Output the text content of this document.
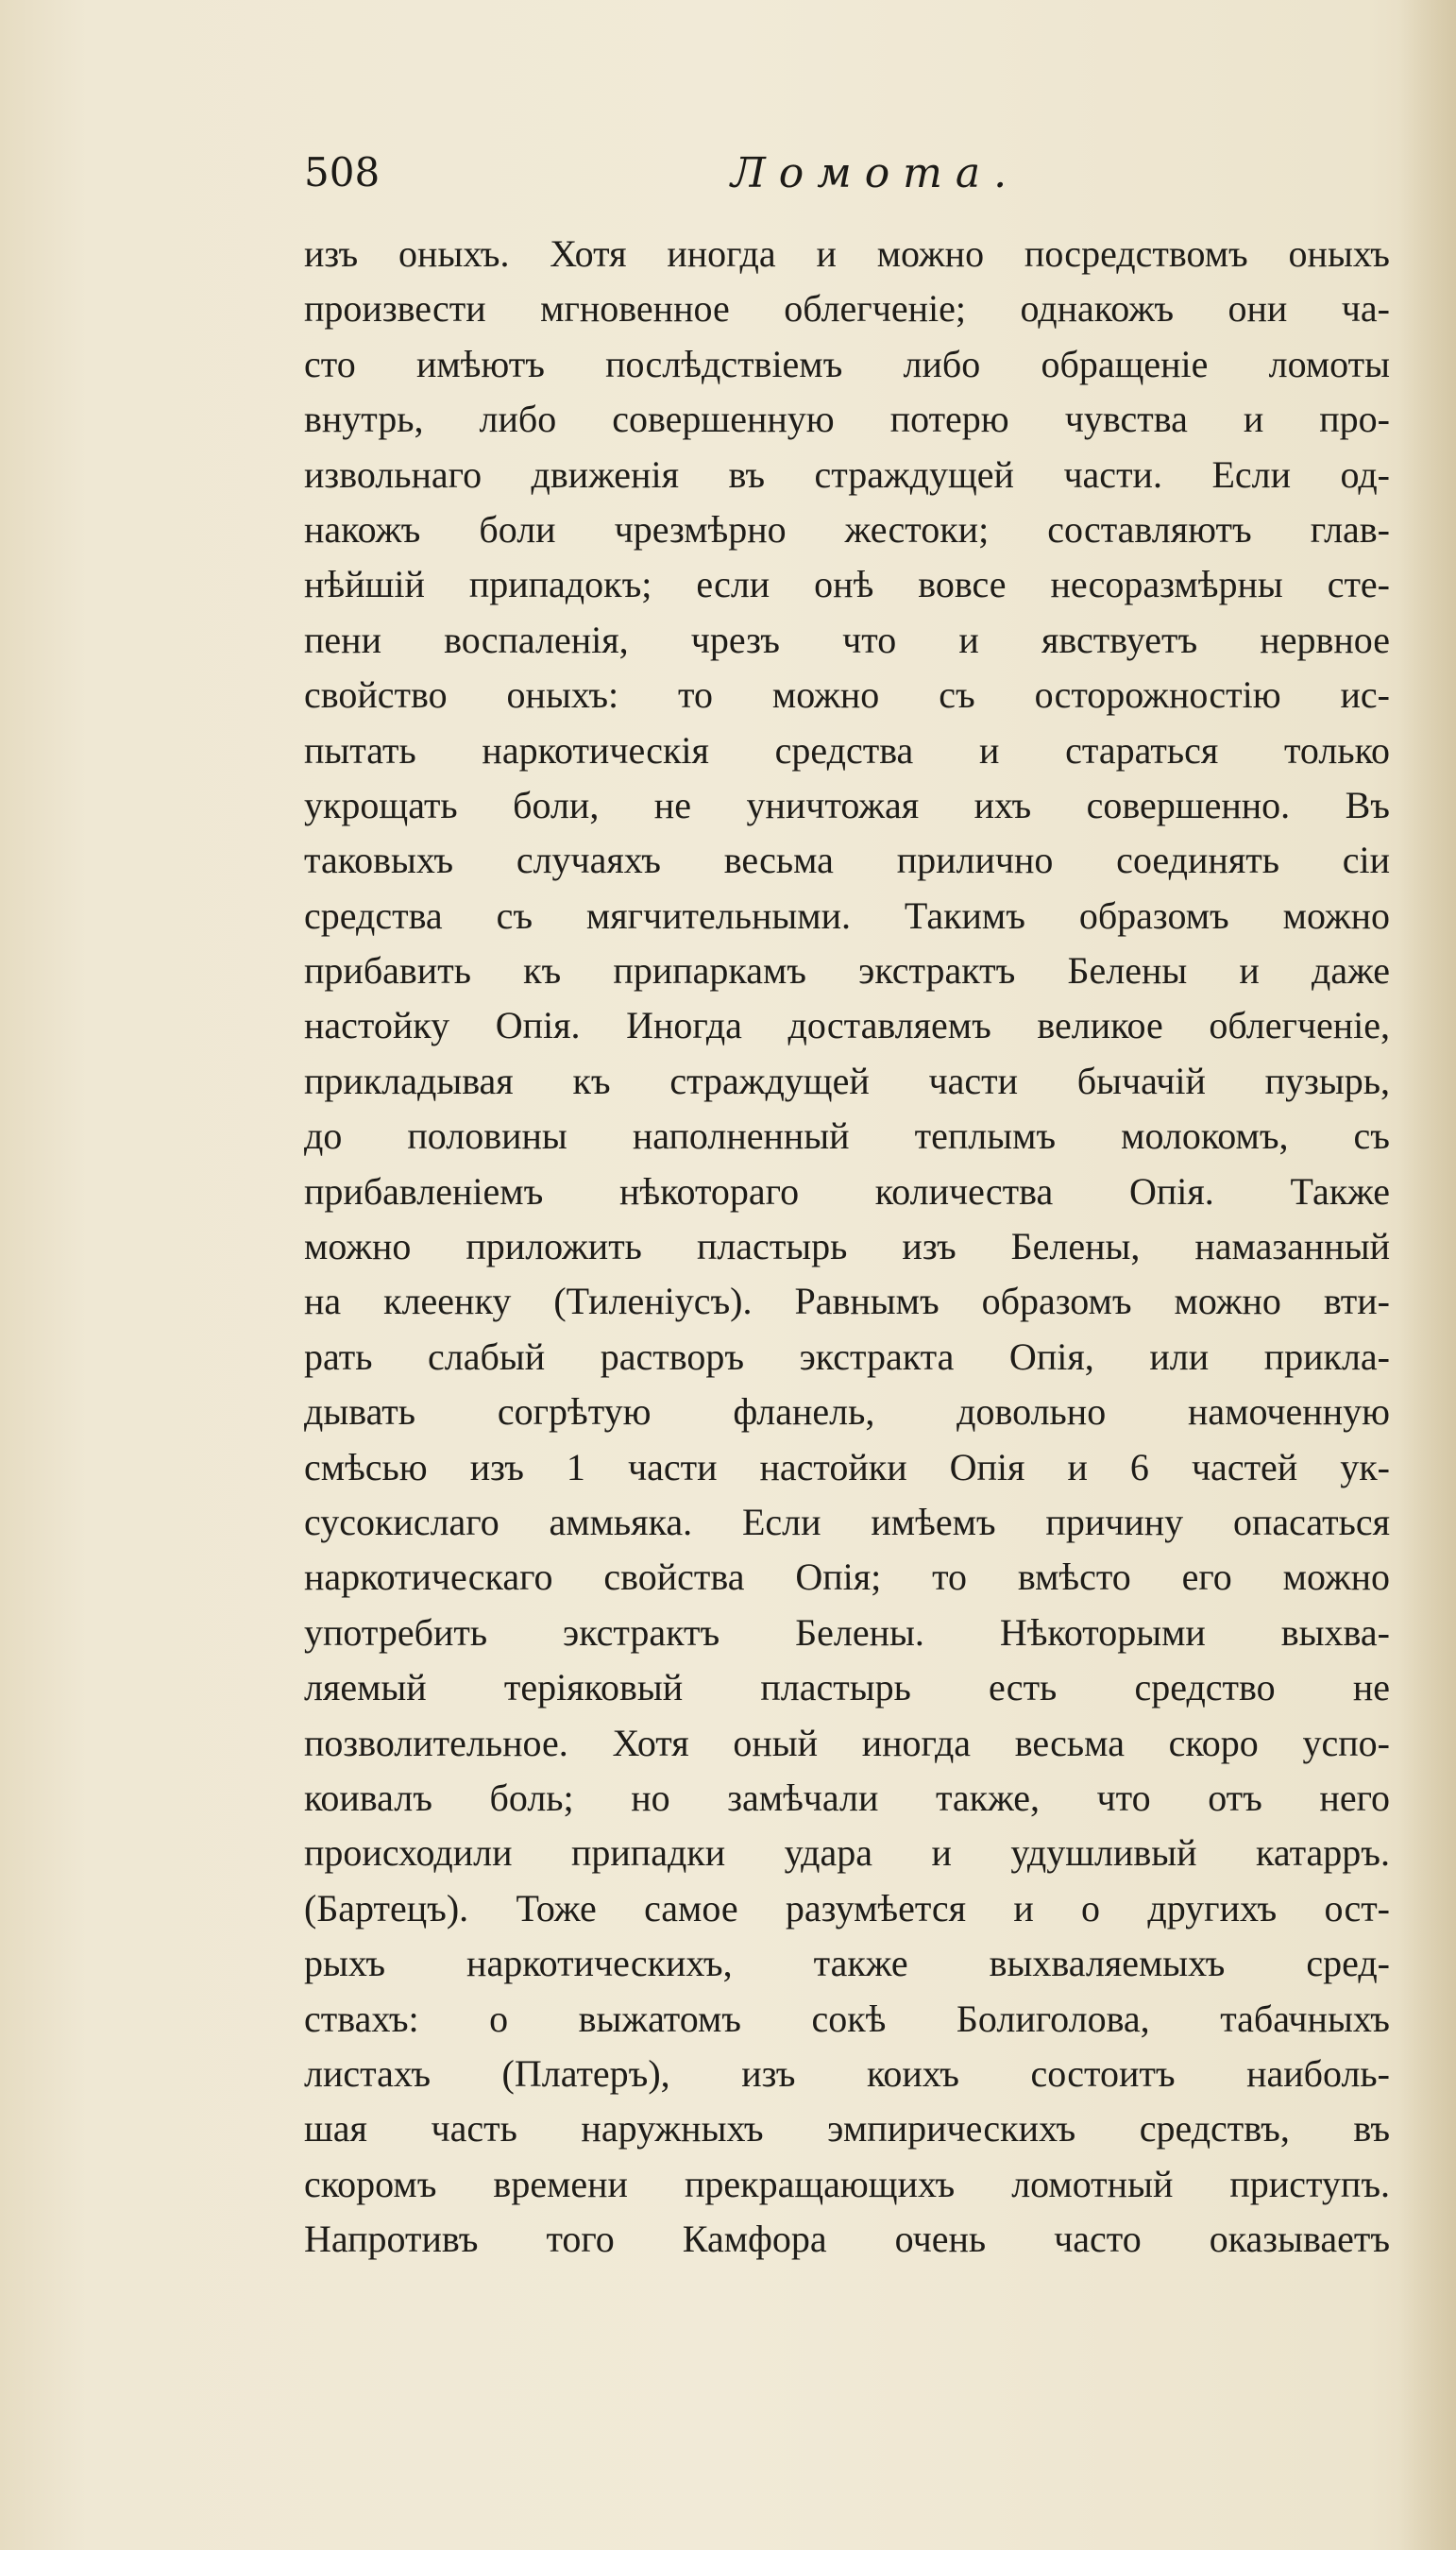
508	Ломота.
изъ оныхъ. Хотя иногда и можно посредствомъ оныхъ
произвести мгновенное облегченіе; однакожъ они ча-
сто имѣютъ послѣдствіемъ либо обращеніе ломоты
внутрь, либо совершенную потерю чувства и про-
извольнаго движенія въ страждущей части. Если од-
накожъ боли чрезмѣрно жестоки; составляютъ глав-
нѣйшій припадокъ; если онѣ вовсе несоразмѣрны сте-
пени воспаленія, чрезъ что и явствуетъ нервное
свойство оныхъ: то можно съ осторожностію ис-
пытать наркотическія средства и стараться только
укрощать боли, не уничтожая ихъ совершенно. Въ
таковыхъ случаяхъ весьма прилично соединять сіи
средства съ мягчительными. Такимъ образомъ можно
прибавить къ припаркамъ экстрактъ Белены и даже
настойку Опія. Иногда доставляемъ великое облегченіе,
прикладывая къ страждущей части бычачій пузырь,
до половины наполненный теплымъ молокомъ, съ
прибавленіемъ нѣкотораго количества Опія. Также
можно приложить пластырь изъ Белены, намазанный
на клеенку (Тиленіусъ). Равнымъ образомъ можно вти-
рать слабый растворъ экстракта Опія, или прикла-
дывать согрѣтую фланель, довольно намоченную
смѣсью изъ 1 части настойки Опія и 6 частей ук-
сусокислаго аммьяка. Если имѣемъ причину опасаться
наркотическаго свойства Опія; то вмѣсто его можно
употребить экстрактъ Белены. Нѣкоторыми выхва-
ляемый теріяковый пластырь есть средство не
позволительное. Хотя оный иногда весьма скоро успо-
коивалъ боль; но замѣчали также, что отъ него
происходили припадки удара и удушливый катарръ.
(Бартецъ). Тоже самое разумѣется и о другихъ ост-
рыхъ наркотическихъ, также выхваляемыхъ сред-
ствахъ: о выжатомъ сокѣ Болиголова, табачныхъ
листахъ (Платеръ), изъ коихъ состоитъ наиболь-
шая часть наружныхъ эмпирическихъ средствъ, въ
скоромъ времени прекращающихъ ломотный приступъ.
Напротивъ того Камфора очень часто оказываетъ
